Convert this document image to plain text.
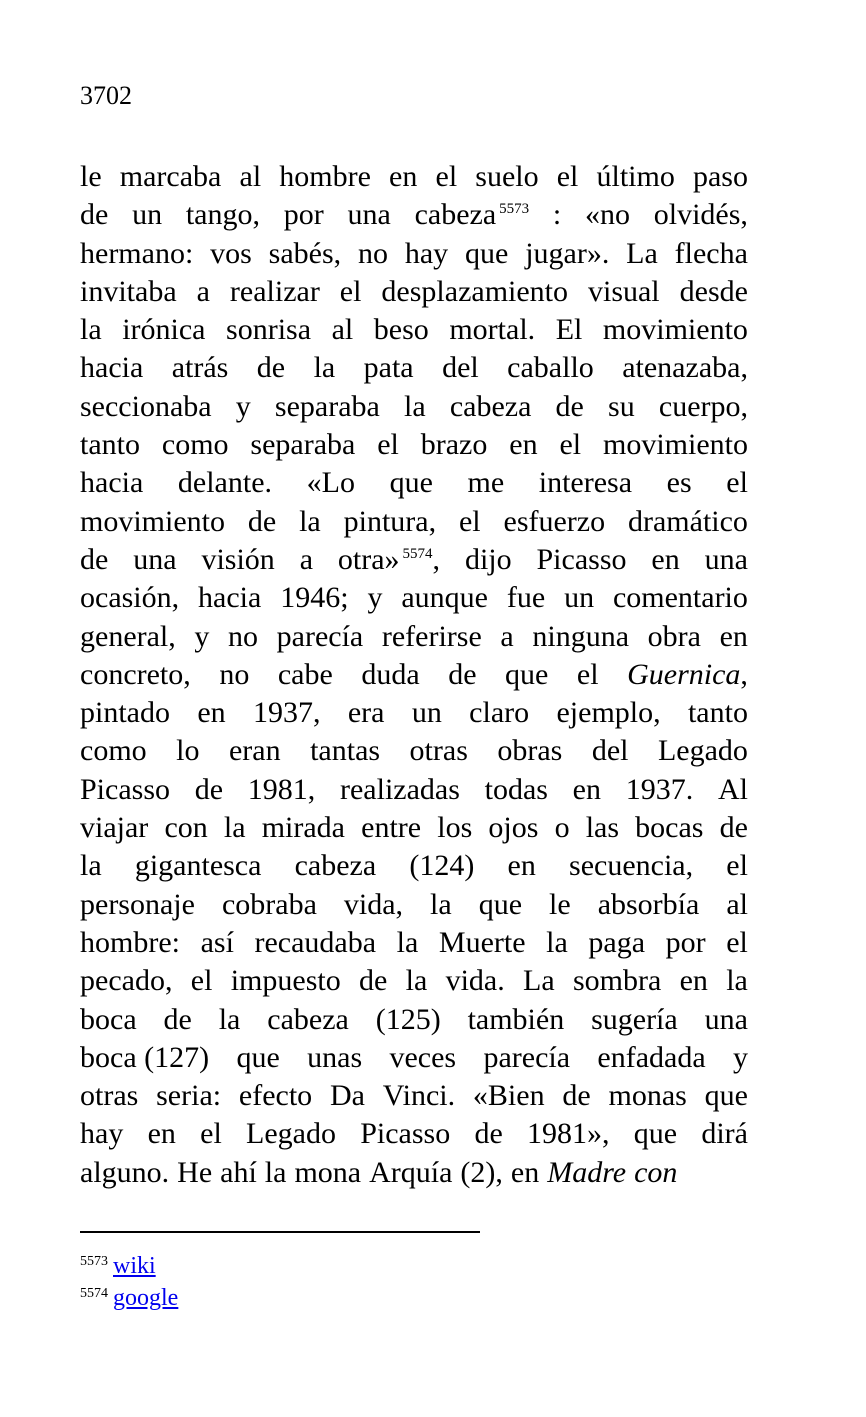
3702
le marcaba al hombre en el suelo el último paso
de un tango, por una cabeza $^{5573}$ : «no olvidés,
hermano: vos sabés, no hay que jugar». La flecha
invitaba a realizar el desplazamiento visual desde
la irónica sonrisa al beso mortal. El movimiento
hacia atrás de la pata del caballo atenazaba,
seccionaba y separaba la cabeza de su cuerpo,
tanto como separaba el brazo en el movimiento
hacia delante. «Lo que me interesa es el
movimiento de la pintura, el esfuerzo dramático
de una visión a otra» $^{5574}$, dijo Picasso en una
ocasión, hacia 1946; y aunque fue un comentario
general, y no parecía referirse a ninguna obra en
concreto, no cabe duda de que el Guernica,
pintado en 1937, era un claro ejemplo, tanto
como lo eran tantas otras obras del Legado
Picasso de 1981, realizadas todas en 1937. Al
viajar con la mirada entre los ojos o las bocas de
la gigantesca cabeza (124) en secuencia, el
personaje cobraba vida, la que le absorbía al
hombre: así recaudaba la Muerte la paga por el
pecado, el impuesto de la vida. La sombra en la
boca de la cabeza (125) también sugería una
boca (127) que unas veces parecía enfadada y
otras seria: efecto Da Vinci. «Bien de monas que
hay en el Legado Picasso de 1981», que dirá
alguno. He ahí la mona Arquía (2), en Madre con
$^{5573}$ wiki
$^{5574}$ google
